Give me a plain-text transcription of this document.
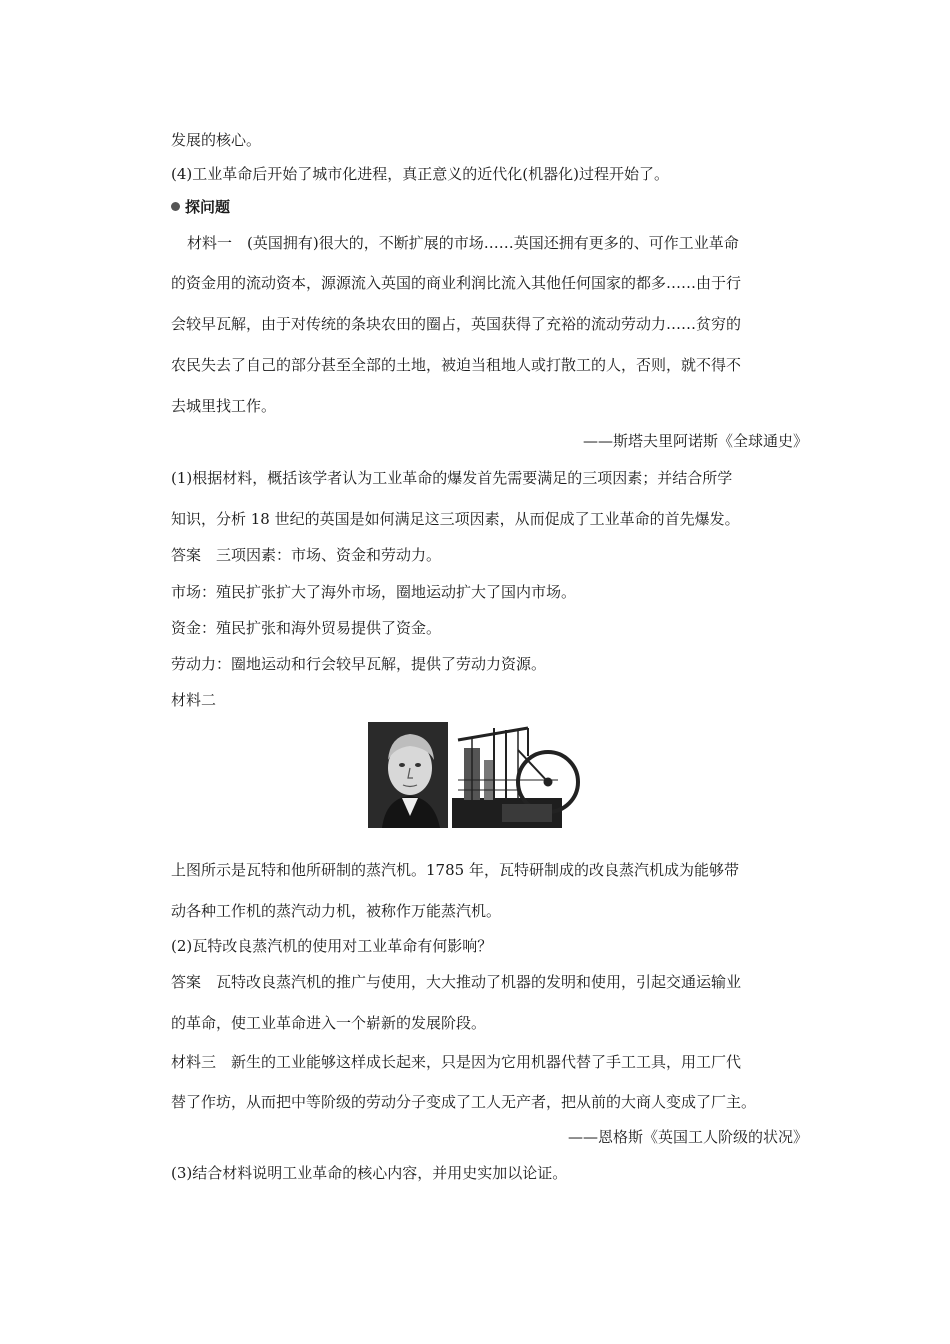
发展的核心。
(4)工业革命后开始了城市化进程，真正意义的近代化(机器化)过程开始了。
探问题
材料一　(英国拥有)很大的，不断扩展的市场……英国还拥有更多的、可作工业革命
的资金用的流动资本，源源流入英国的商业利润比流入其他任何国家的都多……由于行
会较早瓦解，由于对传统的条块农田的圈占，英国获得了充裕的流动劳动力……贫穷的
农民失去了自己的部分甚至全部的土地，被迫当租地人或打散工的人，否则，就不得不
去城里找工作。
——斯塔夫里阿诺斯《全球通史》
(1)根据材料，概括该学者认为工业革命的爆发首先需要满足的三项因素；并结合所学
知识，分析 18 世纪的英国是如何满足这三项因素，从而促成了工业革命的首先爆发。
答案　三项因素：市场、资金和劳动力。
市场：殖民扩张扩大了海外市场，圈地运动扩大了国内市场。
资金：殖民扩张和海外贸易提供了资金。
劳动力：圈地运动和行会较早瓦解，提供了劳动力资源。
材料二
上图所示是瓦特和他所研制的蒸汽机。1785 年，瓦特研制成的改良蒸汽机成为能够带
动各种工作机的蒸汽动力机，被称作万能蒸汽机。
(2)瓦特改良蒸汽机的使用对工业革命有何影响？
答案　瓦特改良蒸汽机的推广与使用，大大推动了机器的发明和使用，引起交通运输业
的革命，使工业革命进入一个崭新的发展阶段。
材料三　新生的工业能够这样成长起来，只是因为它用机器代替了手工工具，用工厂代
替了作坊，从而把中等阶级的劳动分子变成了工人无产者，把从前的大商人变成了厂主。
——恩格斯《英国工人阶级的状况》
(3)结合材料说明工业革命的核心内容，并用史实加以论证。
